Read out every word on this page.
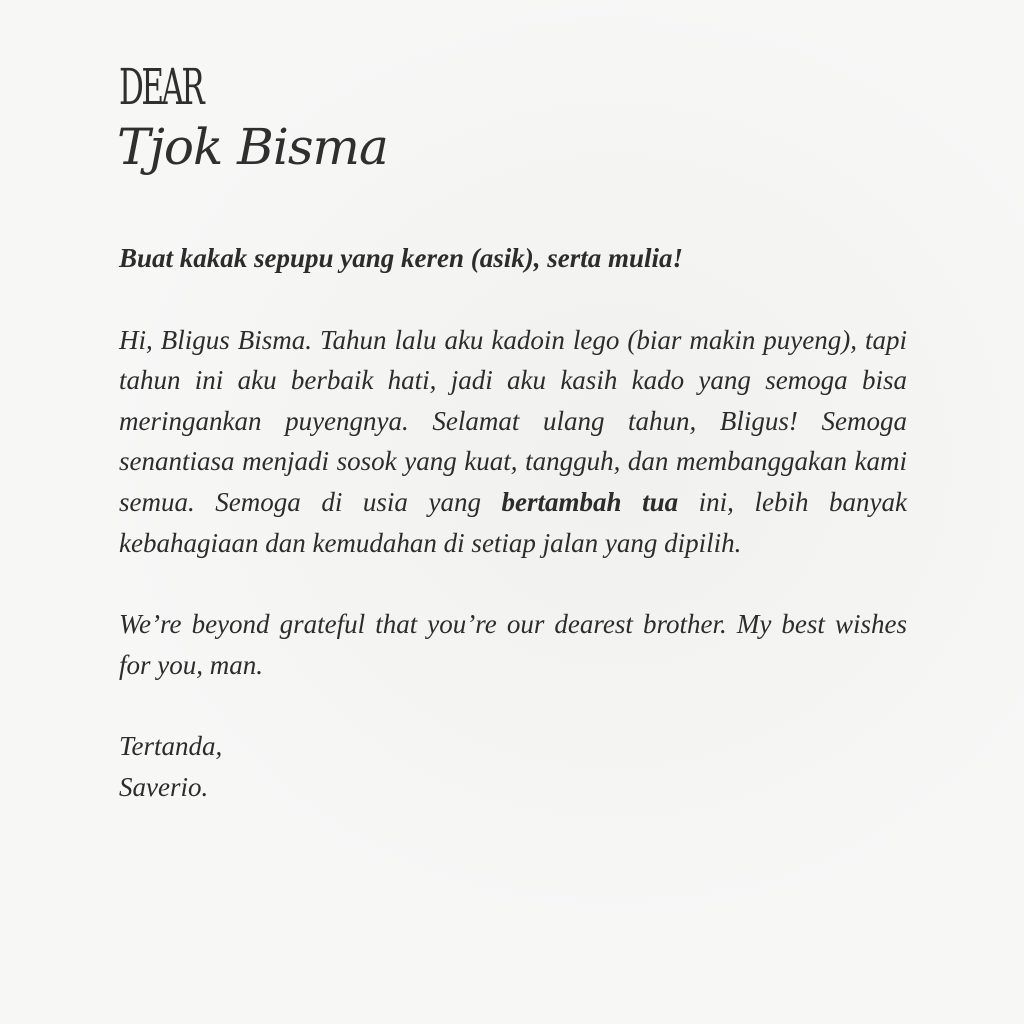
DEAR
Tjok Bisma

Buat kakak sepupu yang keren (asik), serta mulia!

Hi, Bligus Bisma. Tahun lalu aku kadoin lego (biar makin puyeng), tapi tahun ini aku berbaik hati, jadi aku kasih kado yang semoga bisa meringankan puyengnya. Selamat ulang tahun, Bligus! Semoga senantiasa menjadi sosok yang kuat, tangguh, dan membanggakan kami semua. Semoga di usia yang bertambah tua ini, lebih banyak kebahagiaan dan kemudahan di setiap jalan yang dipilih.

We’re beyond grateful that you’re our dearest brother. My best wishes for you, man.

Tertanda,
Saverio.
